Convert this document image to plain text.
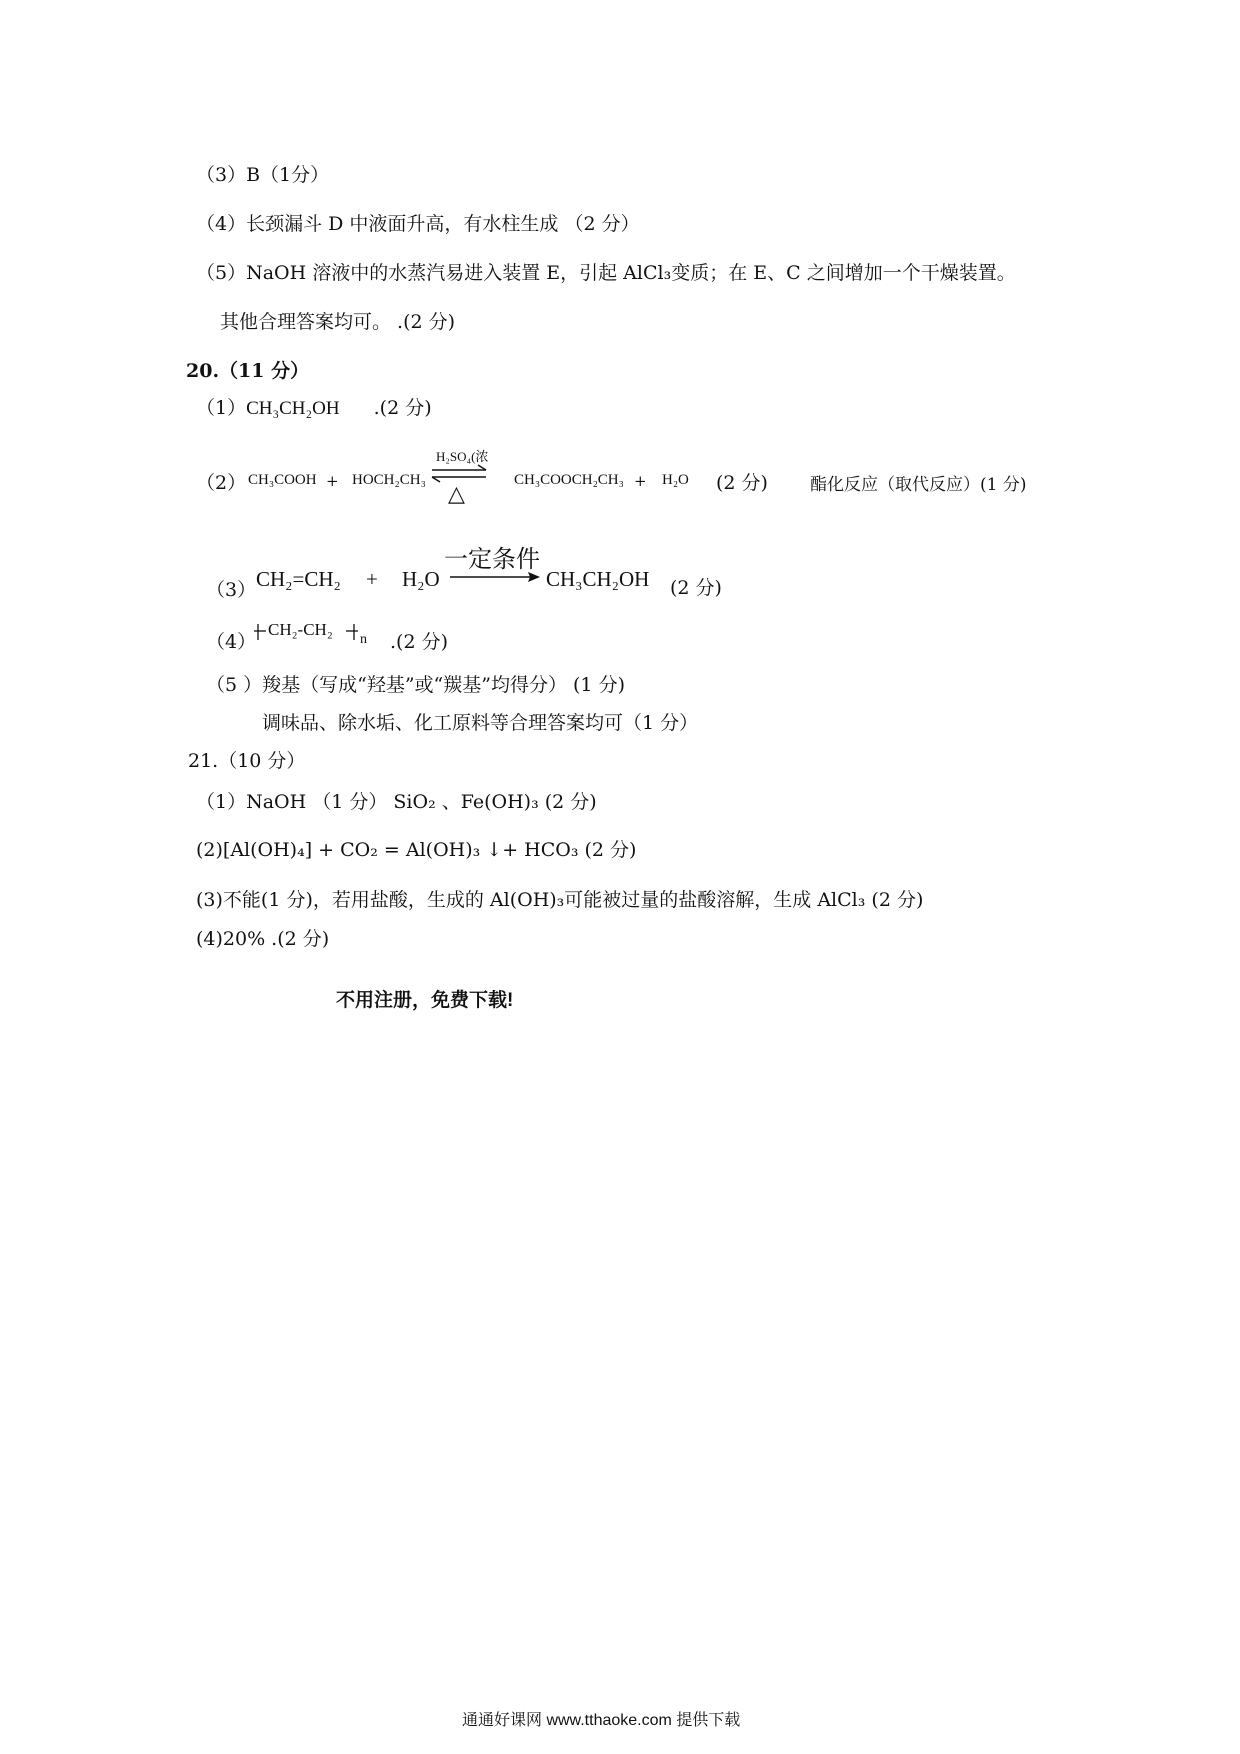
（3）B（1分）
（4）长颈漏斗 D 中液面升高，有水柱生成 （2 分）
（5）NaOH 溶液中的水蒸汽易进入装置 E，引起 AlCl₃变质；在 E、C 之间增加一个干燥装置。
其他合理答案均可。 .(2 分)
20.（11 分）
（1）CH₃CH₂OH .(2 分)
（2） CH₃COOH + HOCH₂CH₃
H₂SO₄(浓
△
CH₃COOCH₂CH₃ + H₂O (2 分) 酯化反应（取代反应）(1 分)
（3） CH₂=CH₂ + H₂O
一定条件
CH₃CH₂OH (2 分)
（4）
CH₂-CH₂
n .(2 分)
（5 ）羧基（写成“羟基”或“羰基”均得分） (1 分)
调味品、除水垢、化工原料等合理答案均可（1 分）
21.（10 分）
（1）NaOH （1 分） SiO₂ 、Fe(OH)₃ (2 分)
(2)[Al(OH)₄] + CO₂ = Al(OH)₃ ↓+ HCO₃ (2 分)
(3)不能(1 分)，若用盐酸，生成的 Al(OH)₃可能被过量的盐酸溶解，生成 AlCl₃ (2 分)
(4)20% .(2 分)
不用注册，免费下载!
通通好课网 www.tthaoke.com 提供下载
